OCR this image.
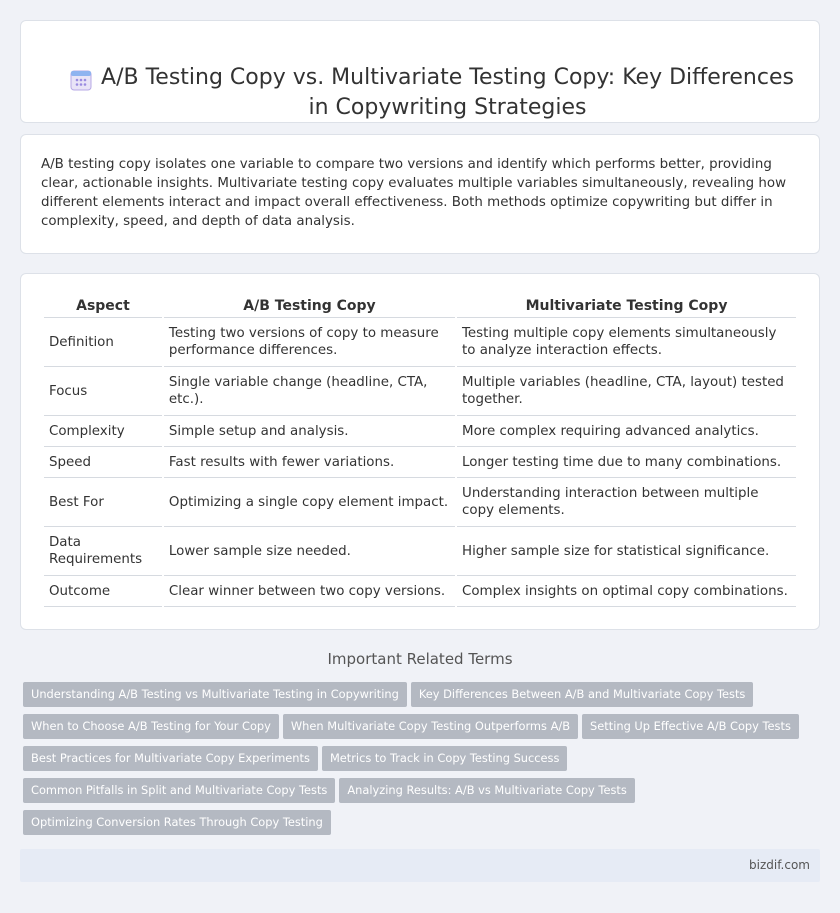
A/B Testing Copy vs. Multivariate Testing Copy: Key Differences in Copywriting Strategies

A/B testing copy isolates one variable to compare two versions and identify which performs better, providing clear, actionable insights. Multivariate testing copy evaluates multiple variables simultaneously, revealing how different elements interact and impact overall effectiveness. Both methods optimize copywriting but differ in complexity, speed, and depth of data analysis.

Aspect	A/B Testing Copy	Multivariate Testing Copy
Definition	Testing two versions of copy to measure performance differences.	Testing multiple copy elements simultaneously to analyze interaction effects.
Focus	Single variable change (headline, CTA, etc.).	Multiple variables (headline, CTA, layout) tested together.
Complexity	Simple setup and analysis.	More complex requiring advanced analytics.
Speed	Fast results with fewer variations.	Longer testing time due to many combinations.
Best For	Optimizing a single copy element impact.	Understanding interaction between multiple copy elements.
Data Requirements	Lower sample size needed.	Higher sample size for statistical significance.
Outcome	Clear winner between two copy versions.	Complex insights on optimal copy combinations.
Important Related Terms
Understanding A/B Testing vs Multivariate Testing in Copywriting Key Differences Between A/B and Multivariate Copy Tests
When to Choose A/B Testing for Your Copy When Multivariate Copy Testing Outperforms A/B Setting Up Effective A/B Copy Tests
Best Practices for Multivariate Copy Experiments Metrics to Track in Copy Testing Success
Common Pitfalls in Split and Multivariate Copy Tests Analyzing Results: A/B vs Multivariate Copy Tests
Optimizing Conversion Rates Through Copy Testing
bizdif.com
